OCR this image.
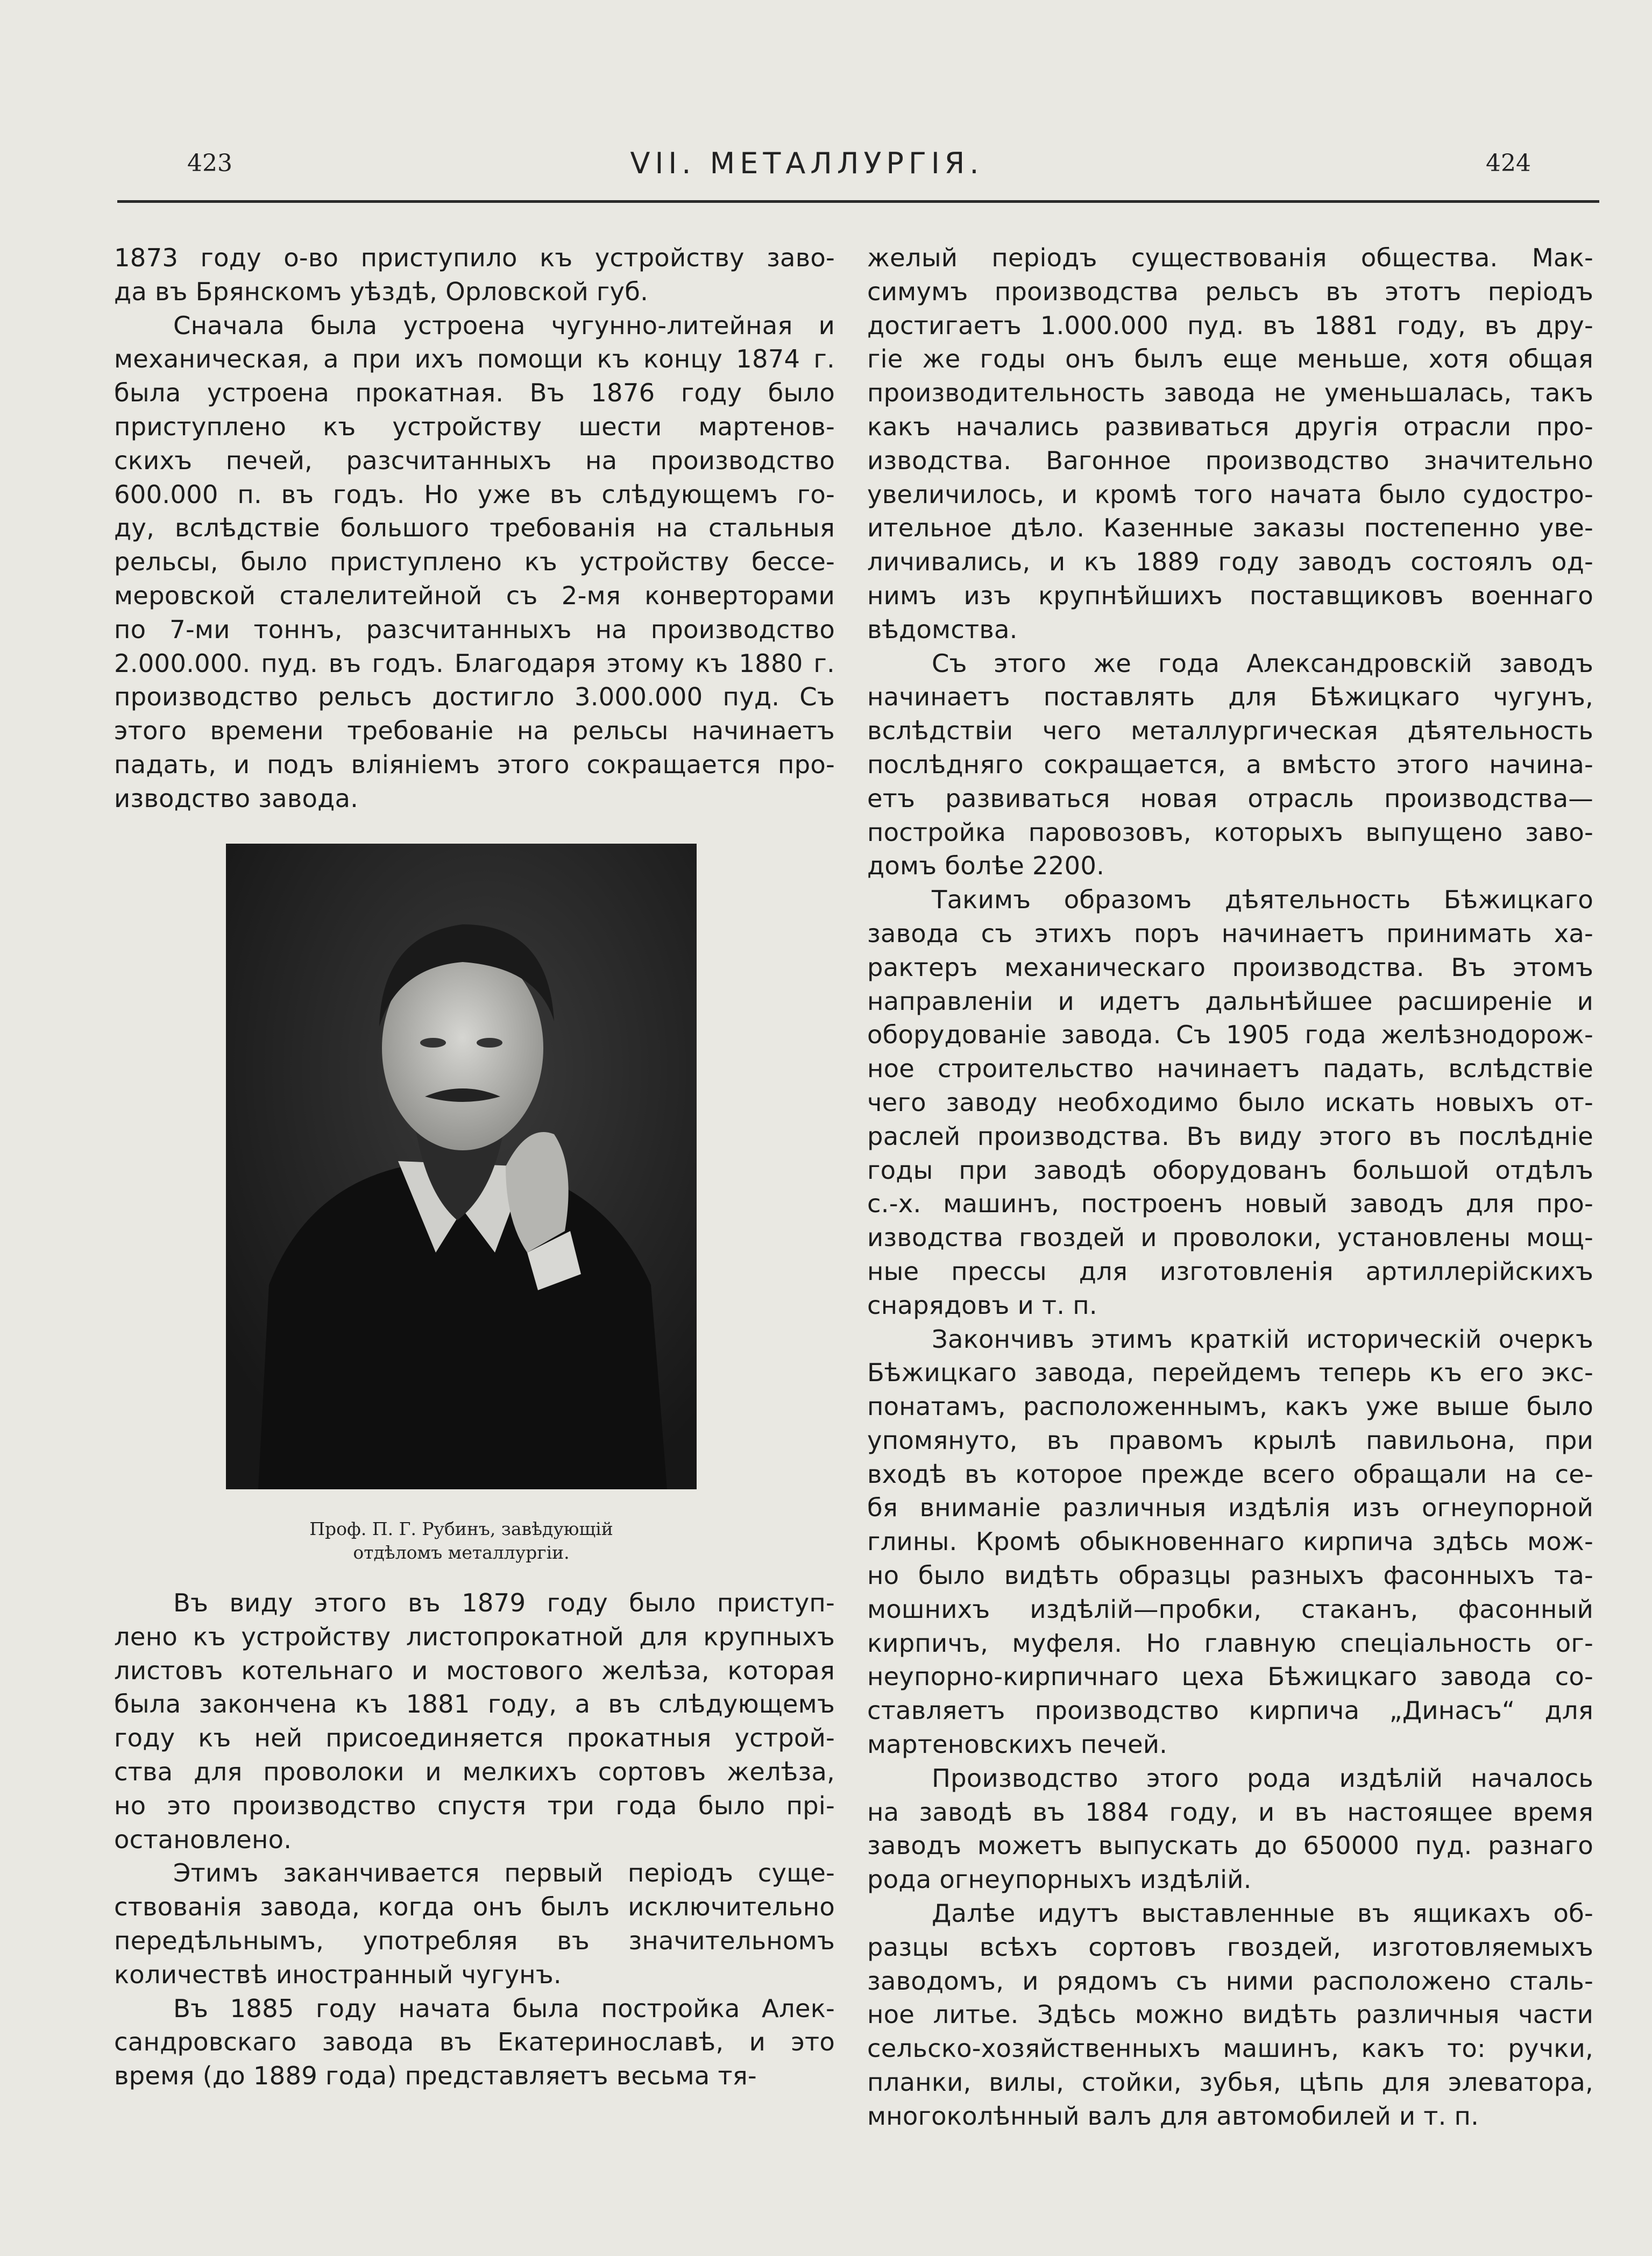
423	VII. МЕТАЛЛУРГІЯ.	424
1873 году о-во приступило къ устройству заво-
да въ Брянскомъ уѣздѣ, Орловской губ.
Сначала была устроена чугунно-литейная и
механическая, а при ихъ помощи къ концу 1874 г.
была устроена прокатная. Въ 1876 году было
приступлено къ устройству шести мартенов-
скихъ печей, разсчитанныхъ на производство
600.000 п. въ годъ. Но уже въ слѣдующемъ го-
ду, вслѣдствіе большого требованія на стальныя
рельсы, было приступлено къ устройству бессе-
меровской сталелитейной съ 2-мя конверторами
по 7-ми тоннъ, разсчитанныхъ на производство
2.000.000. пуд. въ годъ. Благодаря этому къ 1880 г.
производство рельсъ достигло 3.000.000 пуд. Съ
этого времени требованіе на рельсы начинаетъ
падать, и подъ вліяніемъ этого сокращается про-
изводство завода.
Проф. П. Г. Рубинъ, завѣдующій
отдѣломъ металлургіи.
Въ виду этого въ 1879 году было приступ-
лено къ устройству листопрокатной для крупныхъ
листовъ котельнаго и мостового желѣза, которая
была закончена къ 1881 году, а въ слѣдующемъ
году къ ней присоединяется прокатныя устрой-
ства для проволоки и мелкихъ сортовъ желѣза,
но это производство спустя три года было прі-
остановлено.
Этимъ заканчивается первый періодъ суще-
ствованія завода, когда онъ былъ исключительно
передѣльнымъ, употребляя въ значительномъ
количествѣ иностранный чугунъ.
Въ 1885 году начата была постройка Алек-
сандровскаго завода въ Екатеринославѣ, и это
время (до 1889 года) представляетъ весьма тя-
желый періодъ существованія общества. Мак-
симумъ производства рельсъ въ этотъ періодъ
достигаетъ 1.000.000 пуд. въ 1881 году, въ дру-
гіе же годы онъ былъ еще меньше, хотя общая
производительность завода не уменьшалась, такъ
какъ начались развиваться другія отрасли про-
изводства. Вагонное производство значительно
увеличилось, и кромѣ того начата было судостро-
ительное дѣло. Казенные заказы постепенно уве-
личивались, и къ 1889 году заводъ состоялъ од-
нимъ изъ крупнѣйшихъ поставщиковъ военнаго
вѣдомства.
Съ этого же года Александровскій заводъ
начинаетъ поставлять для Бѣжицкаго чугунъ,
вслѣдствіи чего металлургическая дѣятельность
послѣдняго сокращается, а вмѣсто этого начина-
етъ развиваться новая отрасль производства—
постройка паровозовъ, которыхъ выпущено заво-
домъ болѣе 2200.
Такимъ образомъ дѣятельность Бѣжицкаго
завода съ этихъ поръ начинаетъ принимать ха-
рактеръ механическаго производства. Въ этомъ
направленіи и идетъ дальнѣйшее расширеніе и
оборудованіе завода. Съ 1905 года желѣзнодорож-
ное строительство начинаетъ падать, вслѣдствіе
чего заводу необходимо было искать новыхъ от-
раслей производства. Въ виду этого въ послѣдніе
годы при заводѣ оборудованъ большой отдѣлъ
с.-х. машинъ, построенъ новый заводъ для про-
изводства гвоздей и проволоки, установлены мощ-
ные прессы для изготовленія артиллерійскихъ
снарядовъ и т. п.
Закончивъ этимъ краткій историческій очеркъ
Бѣжицкаго завода, перейдемъ теперь къ его экс-
понатамъ, расположеннымъ, какъ уже выше было
упомянуто, въ правомъ крылѣ павильона, при
входѣ въ которое прежде всего обращали на се-
бя вниманіе различныя издѣлія изъ огнеупорной
глины. Кромѣ обыкновеннаго кирпича здѣсь мож-
но было видѣть образцы разныхъ фасонныхъ та-
мошнихъ издѣлій—пробки, стаканъ, фасонный
кирпичъ, муфеля. Но главную спеціальность ог-
неупорно-кирпичнаго цеха Бѣжицкаго завода со-
ставляетъ производство кирпича „Динасъ“ для
мартеновскихъ печей.
Производство этого рода издѣлій началось
на заводѣ въ 1884 году, и въ настоящее время
заводъ можетъ выпускать до 650000 пуд. разнаго
рода огнеупорныхъ издѣлій.
Далѣе идутъ выставленные въ ящикахъ об-
разцы всѣхъ сортовъ гвоздей, изготовляемыхъ
заводомъ, и рядомъ съ ними расположено сталь-
ное литье. Здѣсь можно видѣть различныя части
сельско-хозяйственныхъ машинъ, какъ то: ручки,
планки, вилы, стойки, зубья, цѣпь для элеватора,
многоколѣнный валъ для автомобилей и т. п.
